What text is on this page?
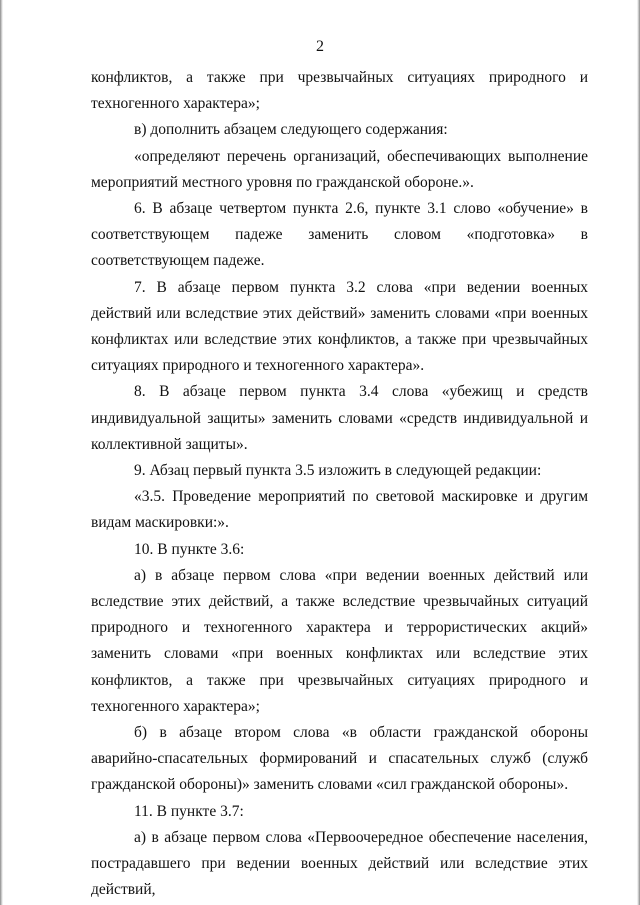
2

конфликтов, а также при чрезвычайных ситуациях природного и техногенного характера»;

в) дополнить абзацем следующего содержания:

«определяют перечень организаций, обеспечивающих выполнение мероприятий местного уровня по гражданской обороне.».

6. В абзаце четвертом пункта 2.6, пункте 3.1 слово «обучение» в соответствующем падеже заменить словом «подготовка» в соответствующем падеже.

7. В абзаце первом пункта 3.2 слова «при ведении военных действий или вследствие этих действий» заменить словами «при военных конфликтах или вследствие этих конфликтов, а также при чрезвычайных ситуациях природного и техногенного характера».

8. В абзаце первом пункта 3.4 слова «убежищ и средств индивидуальной защиты» заменить словами «средств индивидуальной и коллективной защиты».

9. Абзац первый пункта 3.5 изложить в следующей редакции:

«3.5. Проведение мероприятий по световой маскировке и другим видам маскировки:».

10. В пункте 3.6:

а) в абзаце первом слова «при ведении военных действий или вследствие этих действий, а также вследствие чрезвычайных ситуаций природного и техногенного характера и террористических акций» заменить словами «при военных конфликтах или вследствие этих конфликтов, а также при чрезвычайных ситуациях природного и техногенного характера»;

б) в абзаце втором слова «в области гражданской обороны аварийно-спасательных формирований и спасательных служб (служб гражданской обороны)» заменить словами «сил гражданской обороны».

11. В пункте 3.7:

а) в абзаце первом слова «Первоочередное обеспечение населения, пострадавшего при ведении военных действий или вследствие этих действий,
